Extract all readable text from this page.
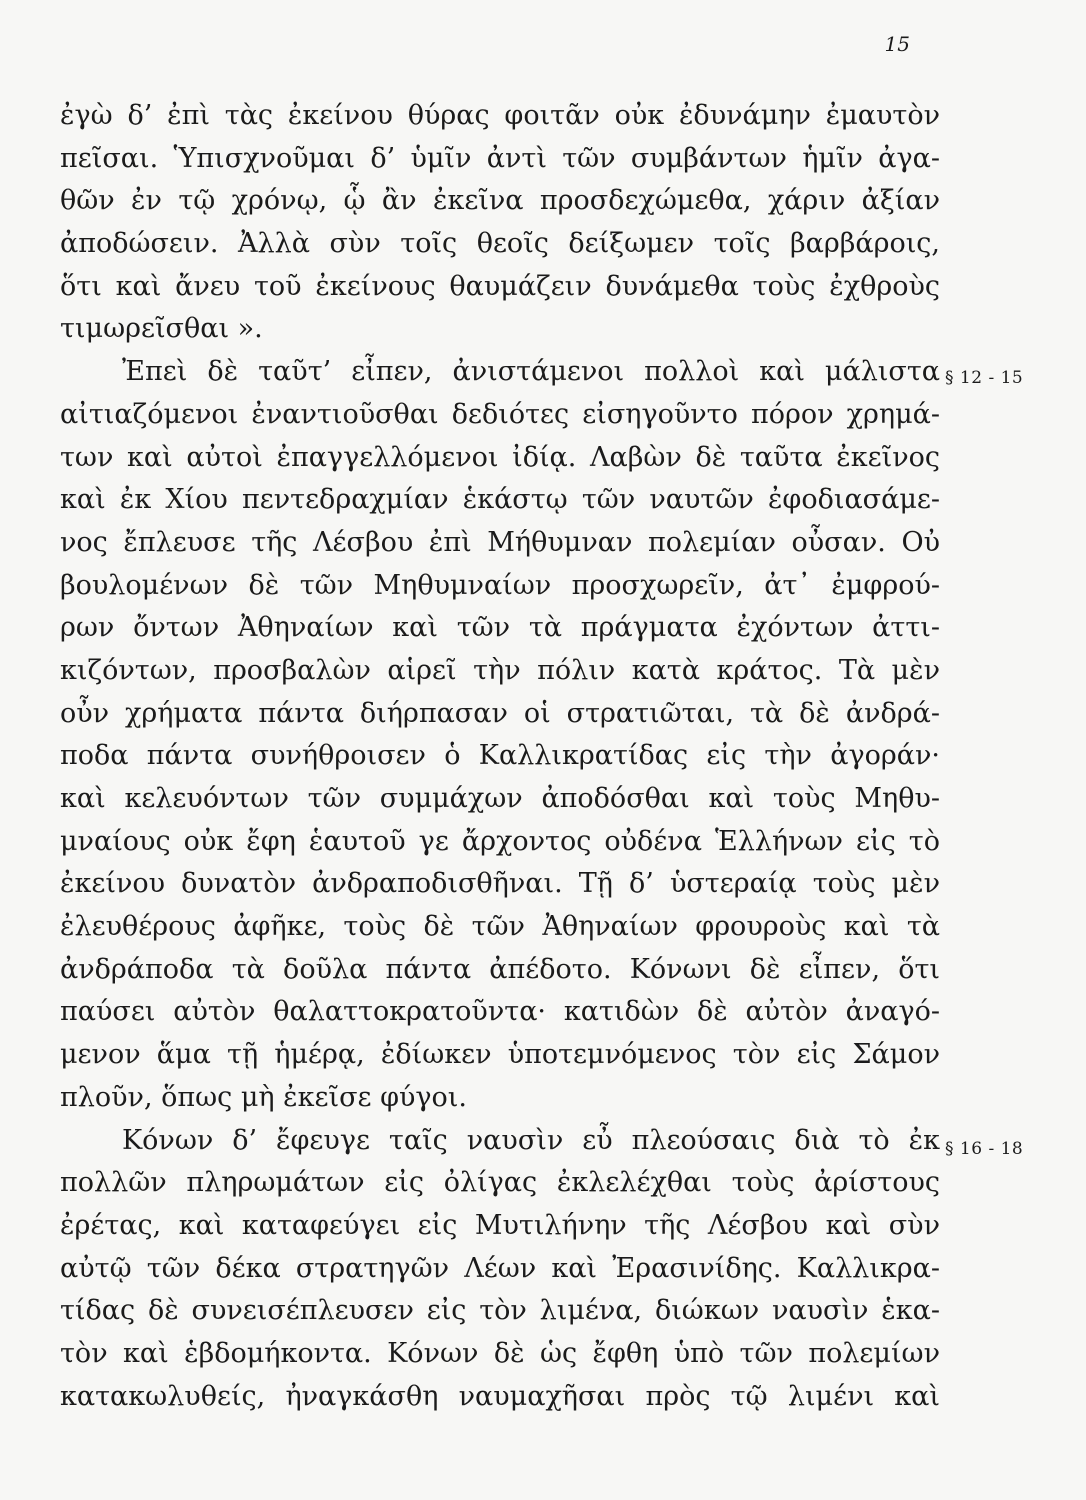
15
ἐγὼ δ’ ἐπὶ τὰς ἐκείνου θύρας φοιτᾶν οὐκ ἐδυνάμην ἐμαυτὸν
πεῖσαι. Ὑπισχνοῦμαι δ’ ὑμῖν ἀντὶ τῶν συμβάντων ἡμῖν ἀγα-
θῶν ἐν τῷ χρόνῳ, ᾧ ἂν ἐκεῖνα προσδεχώμεθα, χάριν ἀξίαν
ἀποδώσειν. Ἀλλὰ σὺν τοῖς θεοῖς δείξωμεν τοῖς βαρβάροις,
ὅτι καὶ ἄνευ τοῦ ἐκείνους θαυμάζειν δυνάμεθα τοὺς ἐχθροὺς
τιμωρεῖσθαι ».
Ἐπεὶ δὲ ταῦτ’ εἶπεν, ἀνιστάμενοι πολλοὶ καὶ μάλιστα
αἰτιαζόμενοι ἐναντιοῦσθαι δεδιότες εἰσηγοῦντο πόρον χρημά-
των καὶ αὐτοὶ ἐπαγγελλόμενοι ἰδίᾳ. Λαβὼν δὲ ταῦτα ἐκεῖνος
καὶ ἐκ Χίου πεντεδραχμίαν ἑκάστῳ τῶν ναυτῶν ἐφοδιασάμε-
νος ἔπλευσε τῆς Λέσβου ἐπὶ Μήθυμναν πολεμίαν οὖσαν. Οὐ
βουλομένων δὲ τῶν Μηθυμναίων προσχωρεῖν, ἀτ᾽ ἐμφρού-
ρων ὄντων Ἀθηναίων καὶ τῶν τὰ πράγματα ἐχόντων ἀττι-
κιζόντων, προσβαλὼν αἱρεῖ τὴν πόλιν κατὰ κράτος. Τὰ μὲν
οὖν χρήματα πάντα διήρπασαν οἱ στρατιῶται, τὰ δὲ ἀνδρά-
ποδα πάντα συνήθροισεν ὁ Καλλικρατίδας εἰς τὴν ἀγοράν·
καὶ κελευόντων τῶν συμμάχων ἀποδόσθαι καὶ τοὺς Μηθυ-
μναίους οὐκ ἔφη ἑαυτοῦ γε ἄρχοντος οὐδένα Ἑλλήνων εἰς τὸ
ἐκείνου δυνατὸν ἀνδραποδισθῆναι. Τῇ δ’ ὑστεραίᾳ τοὺς μὲν
ἐλευθέρους ἀφῆκε, τοὺς δὲ τῶν Ἀθηναίων φρουροὺς καὶ τὰ
ἀνδράποδα τὰ δοῦλα πάντα ἀπέδοτο. Κόνωνι δὲ εἶπεν, ὅτι
παύσει αὐτὸν θαλαττοκρατοῦντα· κατιδὼν δὲ αὐτὸν ἀναγό-
μενον ἅμα τῇ ἡμέρᾳ, ἐδίωκεν ὑποτεμνόμενος τὸν εἰς Σάμον
πλοῦν, ὅπως μὴ ἐκεῖσε φύγοι.
Κόνων δ’ ἔφευγε ταῖς ναυσὶν εὖ πλεούσαις διὰ τὸ ἐκ
πολλῶν πληρωμάτων εἰς ὀλίγας ἐκλελέχθαι τοὺς ἀρίστους
ἐρέτας, καὶ καταφεύγει εἰς Μυτιλήνην τῆς Λέσβου καὶ σὺν
αὐτῷ τῶν δέκα στρατηγῶν Λέων καὶ Ἐρασινίδης. Καλλικρα-
τίδας δὲ συνεισέπλευσεν εἰς τὸν λιμένα, διώκων ναυσὶν ἑκα-
τὸν καὶ ἑβδομήκοντα. Κόνων δὲ ὡς ἔφθη ὑπὸ τῶν πολεμίων
κατακωλυθείς, ἠναγκάσθη ναυμαχῆσαι πρὸς τῷ λιμένι καὶ
§ 12 - 15
§ 16 - 18
